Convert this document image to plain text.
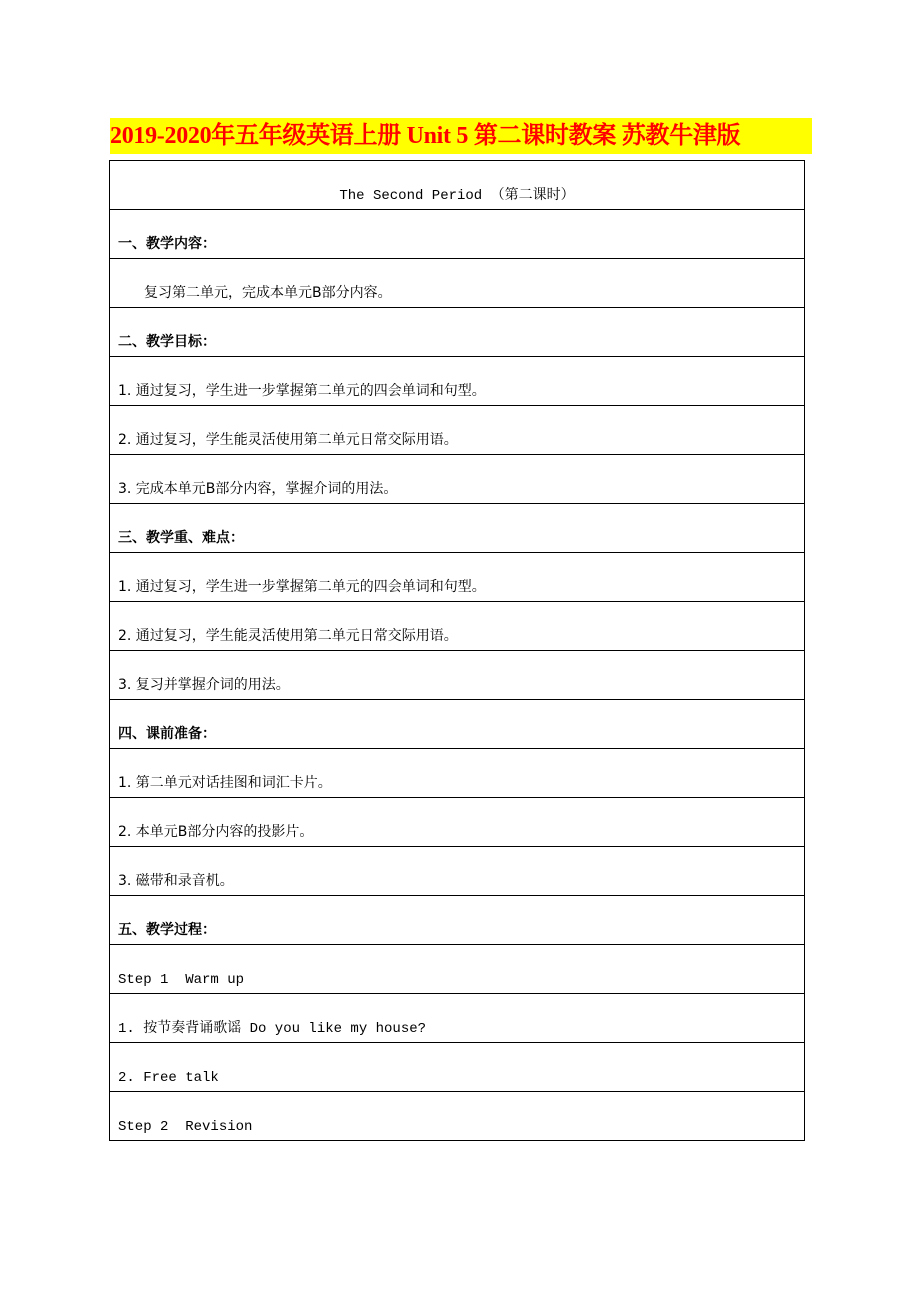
2019-2020年五年级英语上册 Unit 5 第二课时教案 苏教牛津版
The Second Period （第二课时）
一、教学内容：
复习第二单元，完成本单元B部分内容。
二、教学目标：
1. 通过复习，学生进一步掌握第二单元的四会单词和句型。
2. 通过复习，学生能灵活使用第二单元日常交际用语。
3. 完成本单元B部分内容，掌握介词的用法。
三、教学重、难点：
1. 通过复习，学生进一步掌握第二单元的四会单词和句型。
2. 通过复习，学生能灵活使用第二单元日常交际用语。
3. 复习并掌握介词的用法。
四、课前准备：
1. 第二单元对话挂图和词汇卡片。
2. 本单元B部分内容的投影片。
3. 磁带和录音机。
五、教学过程：
Step 1  Warm up
1. 按节奏背诵歌谣 Do you like my house?
2. Free talk
Step 2  Revision
